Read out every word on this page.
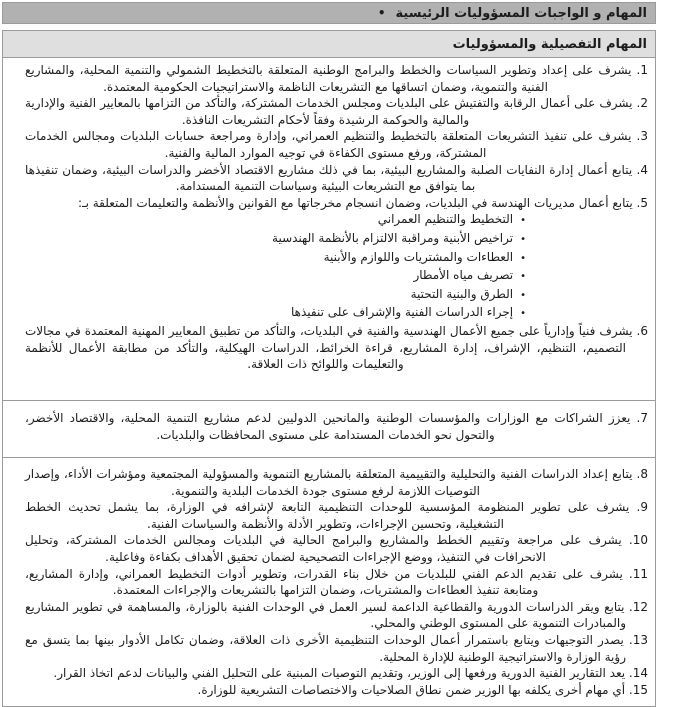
• المهام و الواجبات المسؤوليات الرئيسية
المهام التفصيلية والمسؤوليات
1. يشرف على إعداد وتطوير السياسات والخطط والبرامج الوطنية المتعلقة بالتخطيط الشمولي والتنمية المحلية، والمشاريع الفنية والتنموية، وضمان اتساقها مع التشريعات الناظمة والاستراتيجيات الحكومية المعتمدة.
2. يشرف على أعمال الرقابة والتفتيش على البلديات ومجلس الخدمات المشتركة، والتأكد من التزامها بالمعايير الفنية والإدارية والمالية والحوكمة الرشيدة وفقاً لأحكام التشريعات النافذة.
3. يشرف على تنفيذ التشريعات المتعلقة بالتخطيط والتنظيم العمراني، وإدارة ومراجعة حسابات البلديات ومجالس الخدمات المشتركة، ورفع مستوى الكفاءة في توجيه الموارد المالية والفنية.
4. يتابع أعمال إدارة النفايات الصلبة والمشاريع البيئية، بما في ذلك مشاريع الاقتصاد الأخضر والدراسات البيئية، وضمان تنفيذها بما يتوافق مع التشريعات البيئية وسياسات التنمية المستدامة.
5. يتابع أعمال مديريات الهندسة في البلديات، وضمان انسجام مخرجاتها مع القوانين والأنظمة والتعليمات المتعلقة بـ:
•التخطيط والتنظيم العمراني
•تراخيص الأبنية ومراقبة الالتزام بالأنظمة الهندسية
•العطاءات والمشتريات واللوازم والأبنية
•تصريف مياه الأمطار
•الطرق والبنية التحتية
•إجراء الدراسات الفنية والإشراف على تنفيذها
6. يشرف فنياً وإدارياً على جميع الأعمال الهندسية والفنية في البلديات، والتأكد من تطبيق المعايير المهنية المعتمدة في مجالات التصميم، التنظيم، الإشراف، إدارة المشاريع، قراءة الخرائط، الدراسات الهيكلية، والتأكد من مطابقة الأعمال للأنظمة والتعليمات واللوائح ذات العلاقة.
7. يعزز الشراكات مع الوزارات والمؤسسات الوطنية والمانحين الدوليين لدعم مشاريع التنمية المحلية، والاقتصاد الأخضر، والتحول نحو الخدمات المستدامة على مستوى المحافظات والبلديات.
8. يتابع إعداد الدراسات الفنية والتحليلية والتقييمية المتعلقة بالمشاريع التنموية والمسؤولية المجتمعية ومؤشرات الأداء، وإصدار التوصيات اللازمة لرفع مستوى جودة الخدمات البلدية والتنموية.
9. يشرف على تطوير المنظومة المؤسسية للوحدات التنظيمية التابعة لإشرافه في الوزارة، بما يشمل تحديث الخطط التشغيلية، وتحسين الإجراءات، وتطوير الأدلة والأنظمة والسياسات الفنية.
10. يشرف على مراجعة وتقييم الخطط والمشاريع والبرامج الحالية في البلديات ومجالس الخدمات المشتركة، وتحليل الانحرافات في التنفيذ، ووضع الإجراءات التصحيحية لضمان تحقيق الأهداف بكفاءة وفاعلية.
11. يشرف على تقديم الدعم الفني للبلديات من خلال بناء القدرات، وتطوير أدوات التخطيط العمراني، وإدارة المشاريع، ومتابعة تنفيذ العطاءات والمشتريات، وضمان التزامها بالتشريعات والإجراءات المعتمدة.
12. يتابع ويقر الدراسات الدورية والقطاعية الداعمة لسير العمل في الوحدات الفنية بالوزارة، والمساهمة في تطوير المشاريع والمبادرات التنموية على المستوى الوطني والمحلي.
13. يصدر التوجيهات ويتابع باستمرار أعمال الوحدات التنظيمية الأخرى ذات العلاقة، وضمان تكامل الأدوار بينها بما يتسق مع رؤية الوزارة والاستراتيجية الوطنية للإدارة المحلية.
14. يعد التقارير الفنية الدورية ورفعها إلى الوزير، وتقديم التوصيات المبنية على التحليل الفني والبيانات لدعم اتخاذ القرار.
15. أي مهام أخرى يكلفه بها الوزير ضمن نطاق الصلاحيات والاختصاصات التشريعية للوزارة.
